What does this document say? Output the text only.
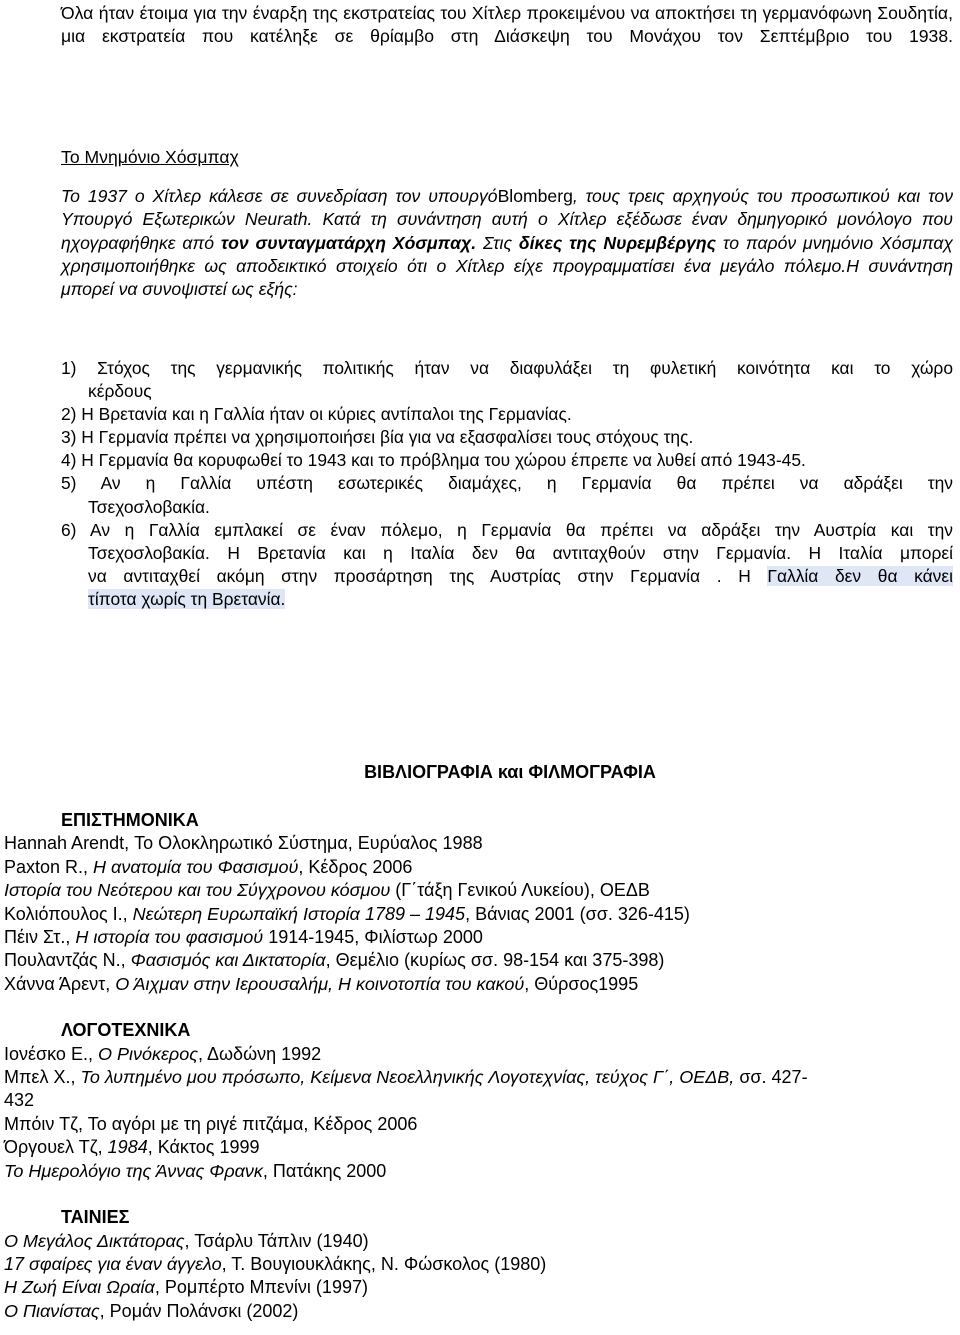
Όλα ήταν έτοιμα για την έναρξη της εκστρατείας του Χίτλερ προκειμένου να αποκτήσει τη γερμανόφωνη Σουδητία, μια εκστρατεία που κατέληξε σε θρίαμβο στη Διάσκεψη του Μονάχου τον Σεπτέμβριο του 1938.
Το Μνημόνιο Χόσμπαχ
Το 1937 ο Χίτλερ κάλεσε σε συνεδρίαση τον υπουργόBlomberg, τους τρεις αρχηγούς του προσωπικού και τον Υπουργό Εξωτερικών Neurath. Κατά τη συνάντηση αυτή ο Χίτλερ εξέδωσε έναν δημηγορικό μονόλογο που ηχογραφήθηκε από τον συνταγματάρχη Χόσμπαχ. Στις δίκες της Νυρεμβέργης το παρόν μνημόνιο Χόσμπαχ χρησιμοποιήθηκε ως αποδεικτικό στοιχείο ότι ο Χίτλερ είχε προγραμματίσει ένα μεγάλο πόλεμο.Η συνάντηση μπορεί να συνοψιστεί ως εξής:
1) Στόχος της γερμανικής πολιτικής ήταν να διαφυλάξει τη φυλετική κοινότητα και το χώρο
κέρδους
2) Η Βρετανία και η Γαλλία ήταν οι κύριες αντίπαλοι της Γερμανίας.
3) Η Γερμανία πρέπει να χρησιμοποιήσει βία για να εξασφαλίσει τους στόχους της.
4) Η Γερμανία θα κορυφωθεί το 1943 και το πρόβλημα του χώρου έπρεπε να λυθεί από 1943-45.
5) Αν η Γαλλία υπέστη εσωτερικές διαμάχες, η Γερμανία θα πρέπει να αδράξει την
Τσεχοσλοβακία.
6) Αν η Γαλλία εμπλακεί σε έναν πόλεμο, η Γερμανία θα πρέπει να αδράξει την Αυστρία και την
Τσεχοσλοβακία. Η Βρετανία και η Ιταλία δεν θα αντιταχθούν στην Γερμανία. Η Ιταλία μπορεί
να αντιταχθεί ακόμη στην προσάρτηση της Αυστρίας στην Γερμανία . Η Γαλλία δεν θα κάνει
τίποτα χωρίς τη Βρετανία.
ΒΙΒΛΙΟΓΡΑΦΙΑ και ΦΙΛΜΟΓΡΑΦΙΑ
ΕΠΙΣΤΗΜΟΝΙΚΑ
Hannah Arendt, Το Ολοκληρωτικό Σύστημα, Ευρύαλος 1988
Paxton R., Η ανατομία του Φασισμού, Κέδρος 2006
Ιστορία του Νεότερου και του Σύγχρονου κόσμου (Γ΄τάξη Γενικού Λυκείου), ΟΕΔΒ
Κολιόπουλος Ι., Νεώτερη Ευρωπαϊκή Ιστορία 1789 – 1945, Βάνιας 2001 (σσ. 326-415)
Πέιν Στ., Η ιστορία του φασισμού 1914-1945, Φιλίστωρ 2000
Πουλαντζάς Ν., Φασισμός και Δικτατορία, Θεμέλιο (κυρίως σσ. 98-154 και 375-398)
Χάννα Άρεντ, Ο Άιχμαν στην Ιερουσαλήμ, Η κοινοτοπία του κακού, Θύρσος1995
ΛΟΓΟΤΕΧΝΙΚΑ
Ιονέσκο Ε., Ο Ρινόκερος, Δωδώνη 1992
Μπελ Χ., Το λυπημένο μου πρόσωπο, Κείμενα Νεοελληνικής Λογοτεχνίας, τεύχος Γ΄, ΟΕΔΒ, σσ. 427-
432
Μπόιν Τζ, Το αγόρι με τη ριγέ πιτζάμα, Κέδρος 2006
Όργουελ Τζ, 1984, Κάκτος 1999
Το Ημερολόγιο της Άννας Φρανκ, Πατάκης 2000
ΤΑΙΝΙΕΣ
Ο Μεγάλος Δικτάτορας, Τσάρλυ Τάπλιν (1940)
17 σφαίρες για έναν άγγελο, Τ. Βουγιουκλάκης, Ν. Φώσκολος (1980)
Η Ζωή Είναι Ωραία, Ρομπέρτο Μπενίνι (1997)
Ο Πιανίστας, Ρομάν Πολάνσκι (2002)
